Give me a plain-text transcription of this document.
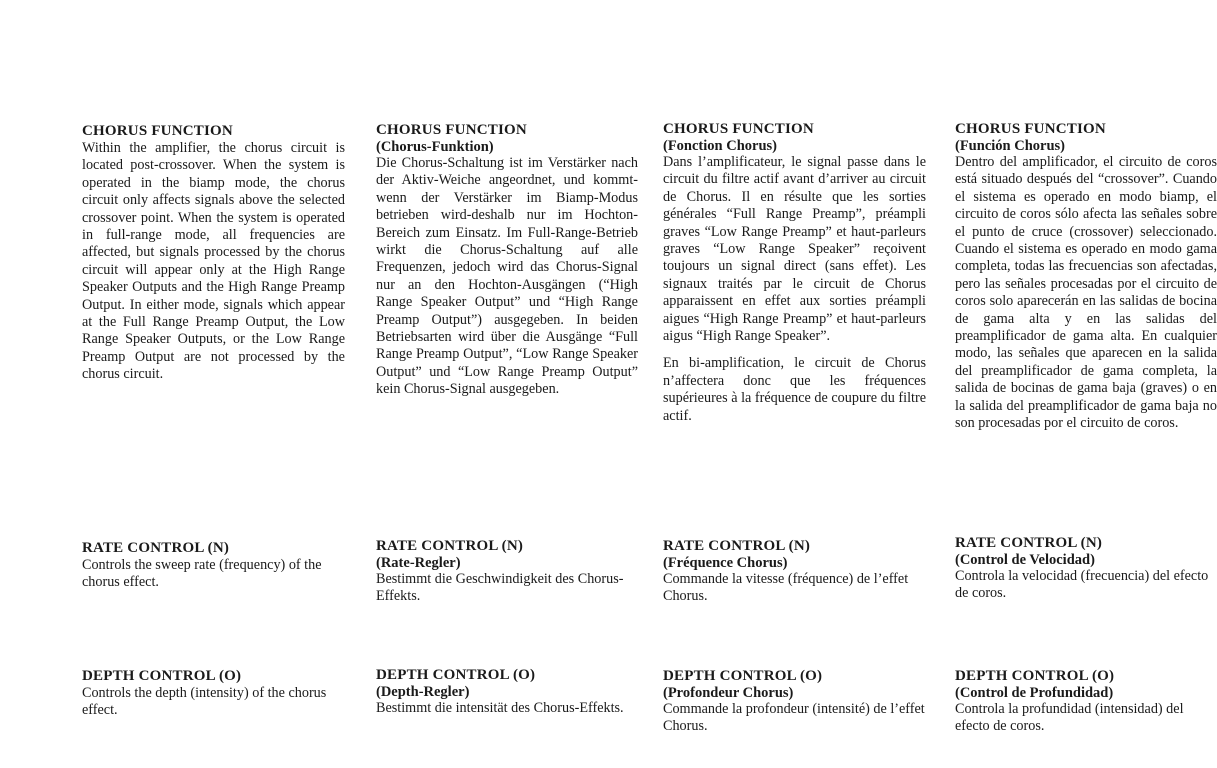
CHORUS FUNCTION

Within the amplifier, the chorus circuit is located post-crossover. When the system is operated in the biamp mode, the chorus circuit only affects signals above the selected crossover point. When the system is operated in full-range mode, all frequencies are affected, but signals processed by the chorus circuit will appear only at the High Range Speaker Outputs and the High Range Preamp Output. In either mode, signals which appear at the Full Range Preamp Output, the Low Range Speaker Outputs, or the Low Range Preamp Output are not processed by the chorus circuit.

RATE CONTROL (N)

Controls the sweep rate (frequency) of the chorus effect.

DEPTH CONTROL (O)

Controls the depth (intensity) of the chorus effect.

CHORUS FUNCTION
(Chorus-Funktion)

Die Chorus-Schaltung ist im Verstärker nach der Aktiv-Weiche angeordnet, und kommt-wenn der Verstärker im Biamp-Modus betrieben wird-deshalb nur im Hochton-Bereich zum Einsatz. Im Full-Range-Betrieb wirkt die Chorus-Schaltung auf alle Frequenzen, jedoch wird das Chorus-Signal nur an den Hochton-Ausgängen (“High Range Speaker Output” und “High Range Preamp Output”) ausgegeben. In beiden Betriebsarten wird über die Ausgänge “Full Range Preamp Output”, “Low Range Speaker Output” und “Low Range Preamp Output” kein Chorus-Signal ausgegeben.

RATE CONTROL (N)
(Rate-Regler)

Bestimmt die Geschwindigkeit des Chorus-Effekts.

DEPTH CONTROL (O)
(Depth-Regler)

Bestimmt die intensität des Chorus-Effekts.

CHORUS FUNCTION
(Fonction Chorus)

Dans l’amplificateur, le signal passe dans le circuit du filtre actif avant d’arriver au circuit de Chorus. Il en résulte que les sorties générales “Full Range Preamp”, préampli graves “Low Range Preamp” et haut-parleurs graves “Low Range Speaker” reçoivent toujours un signal direct (sans effet). Les signaux traités par le circuit de Chorus apparaissent en effet aux sorties préampli aigues “High Range Preamp” et haut-parleurs aigus “High Range Speaker”.

En bi-amplification, le circuit de Chorus n’affectera donc que les fréquences supérieures à la fréquence de coupure du filtre actif.

RATE CONTROL (N)
(Fréquence Chorus)

Commande la vitesse (fréquence) de l’effet Chorus.

DEPTH CONTROL (O)
(Profondeur Chorus)

Commande la profondeur (intensité) de l’effet Chorus.

CHORUS FUNCTION
(Función Chorus)

Dentro del amplificador, el circuito de coros está situado después del “crossover”. Cuando el sistema es operado en modo biamp, el circuito de coros sólo afecta las señales sobre el punto de cruce (crossover) seleccionado. Cuando el sistema es operado en modo gama completa, todas las frecuencias son afectadas, pero las señales procesadas por el circuito de coros solo aparecerán en las salidas de bocina de gama alta y en las salidas del preamplificador de gama alta. En cualquier modo, las señales que aparecen en la salida del preamplificador de gama completa, la salida de bocinas de gama baja (graves) o en la salida del preamplificador de gama baja no son procesadas por el circuito de coros.

RATE CONTROL (N)
(Control de Velocidad)

Controla la velocidad (frecuencia) del efecto de coros.

DEPTH CONTROL (O)
(Control de Profundidad)

Controla la profundidad (intensidad) del efecto de coros.
